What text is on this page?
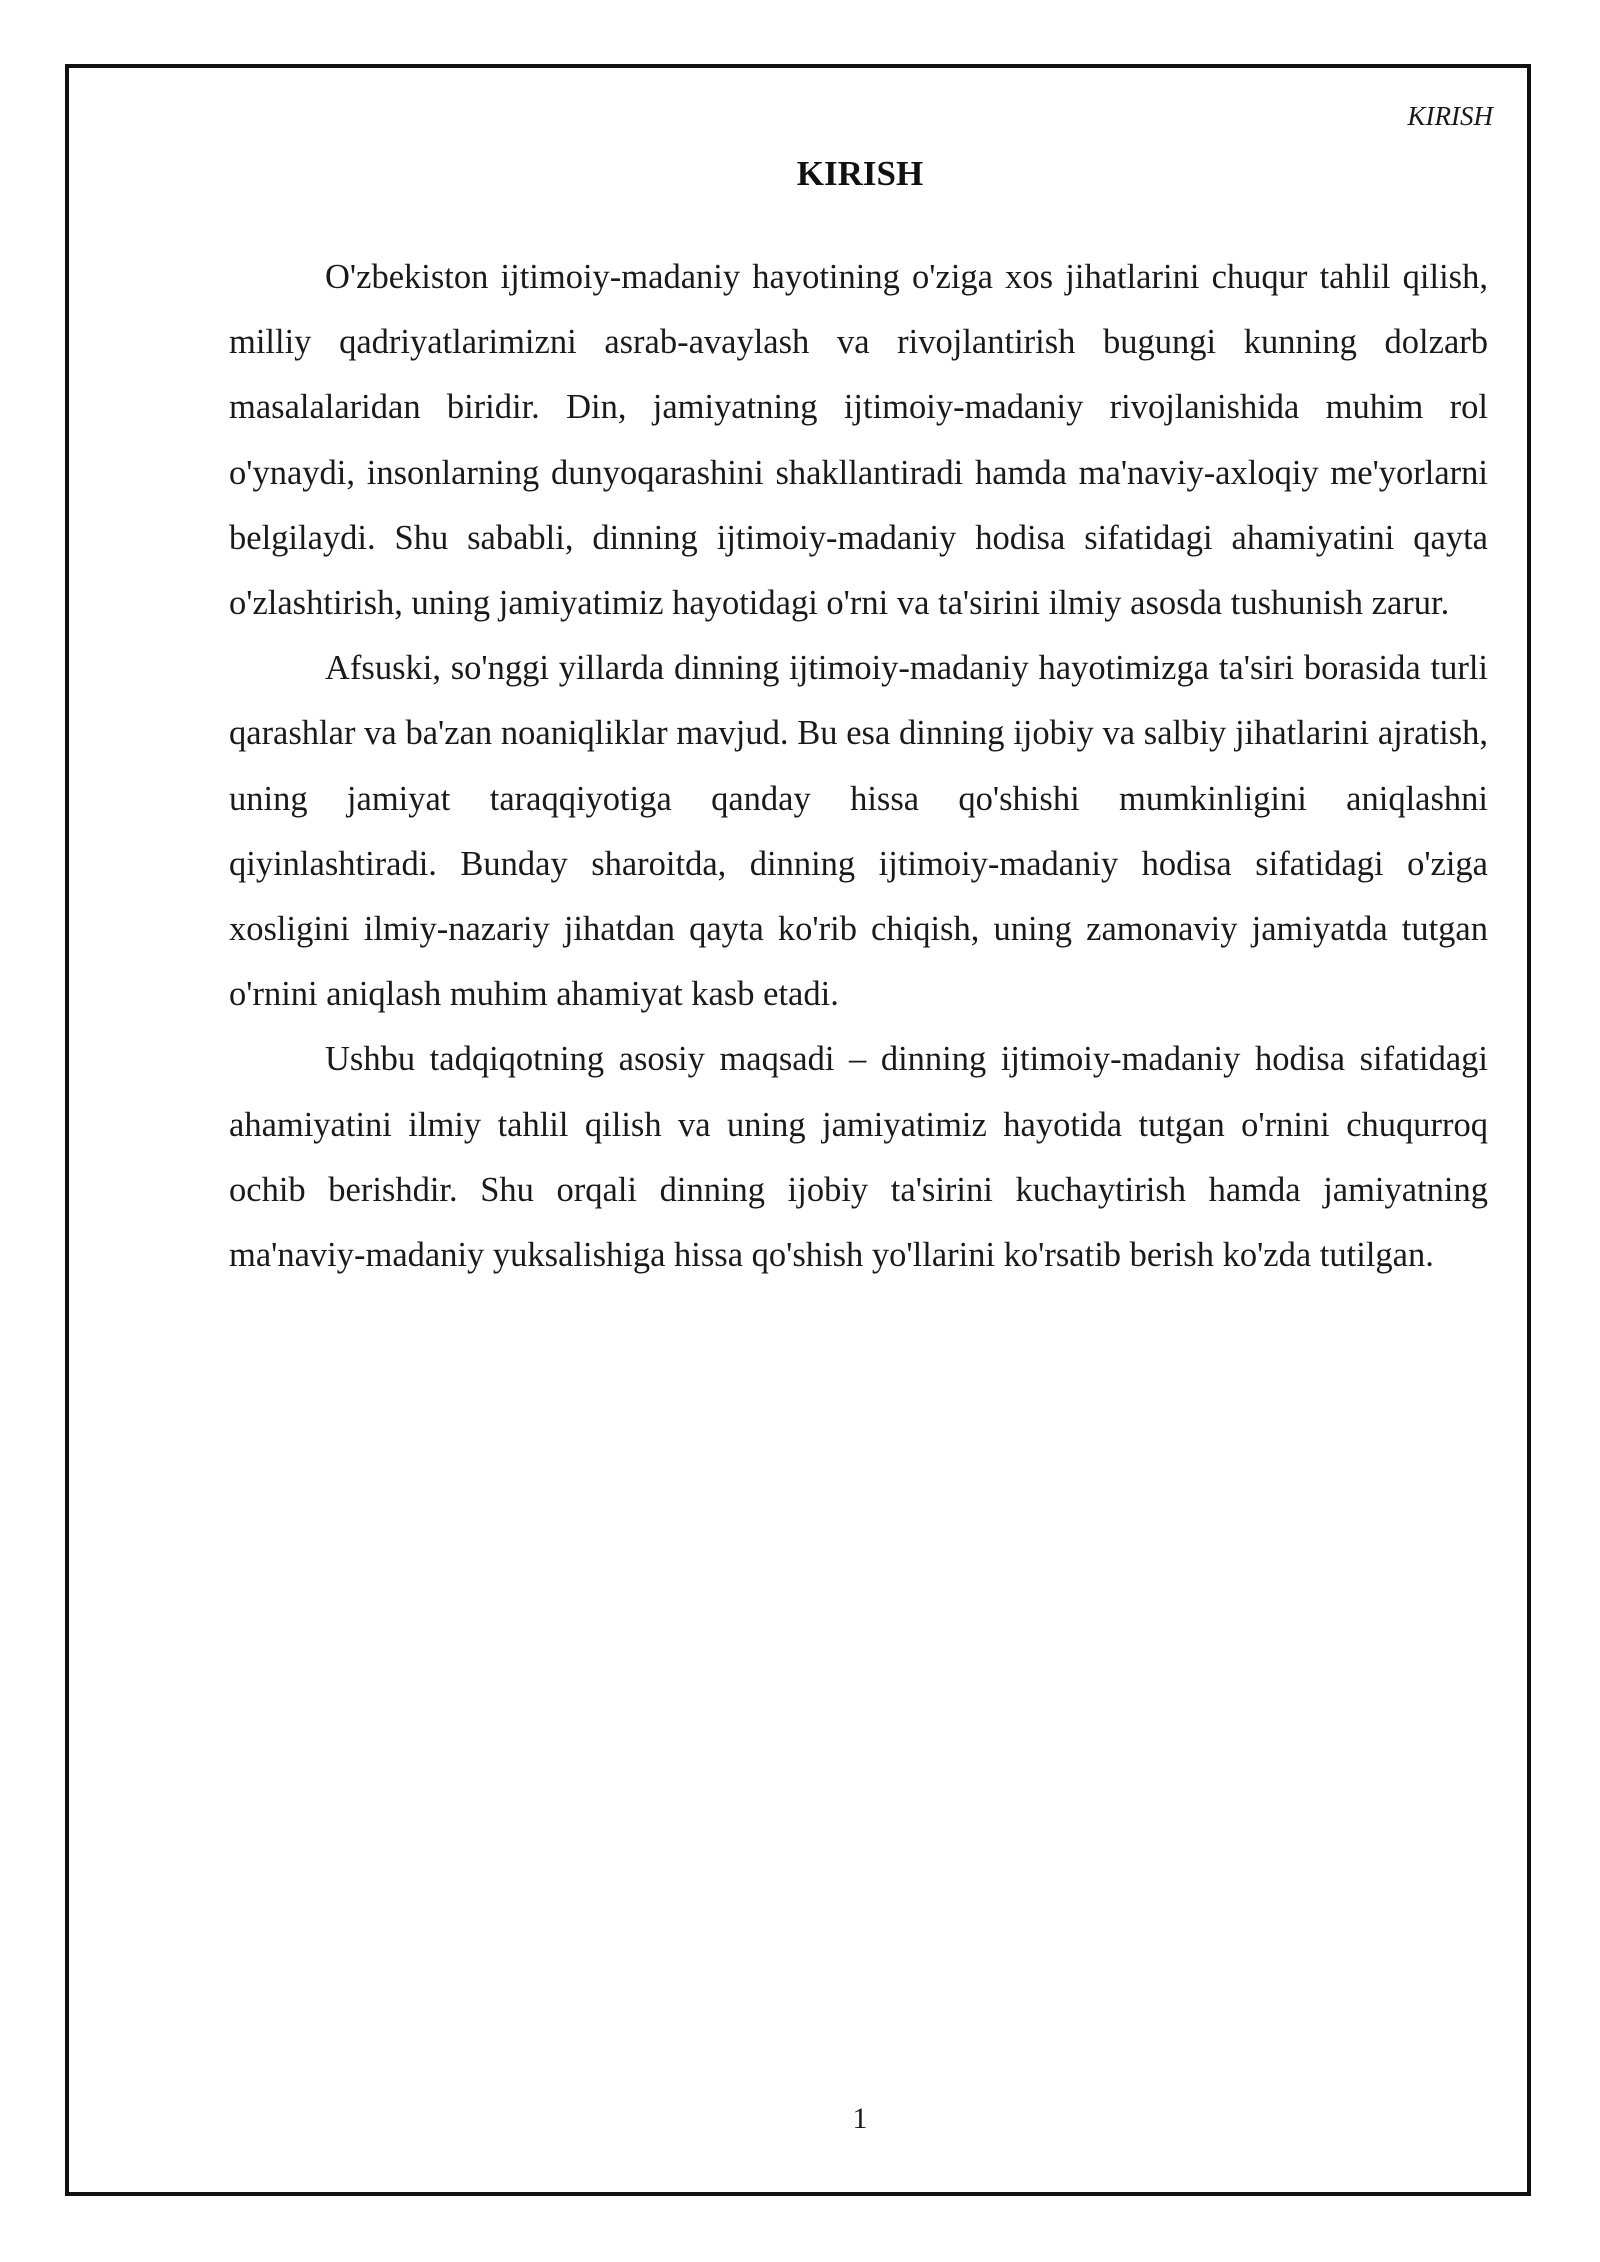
KIRISH
KIRISH

O'zbekiston ijtimoiy-madaniy hayotining o'ziga xos jihatlarini chuqur tahlil qilish, milliy qadriyatlarimizni asrab-avaylash va rivojlantirish bugungi kunning dolzarb masalalaridan biridir. Din, jamiyatning ijtimoiy-madaniy rivojlanishida muhim rol o'ynaydi, insonlarning dunyoqarashini shakllantiradi hamda ma'naviy-axloqiy me'yorlarni belgilaydi. Shu sababli, dinning ijtimoiy-madaniy hodisa sifatidagi ahamiyatini qayta o'zlashtirish, uning jamiyatimiz hayotidagi o'rni va ta'sirini ilmiy asosda tushunish zarur.

Afsuski, so'nggi yillarda dinning ijtimoiy-madaniy hayotimizga ta'siri borasida turli qarashlar va ba'zan noaniqliklar mavjud. Bu esa dinning ijobiy va salbiy jihatlarini ajratish, uning jamiyat taraqqiyotiga qanday hissa qo'shishi mumkinligini aniqlashni qiyinlashtiradi. Bunday sharoitda, dinning ijtimoiy-madaniy hodisa sifatidagi o'ziga xosligini ilmiy-nazariy jihatdan qayta ko'rib chiqish, uning zamonaviy jamiyatda tutgan o'rnini aniqlash muhim ahamiyat kasb etadi.

Ushbu tadqiqotning asosiy maqsadi – dinning ijtimoiy-madaniy hodisa sifatidagi ahamiyatini ilmiy tahlil qilish va uning jamiyatimiz hayotida tutgan o'rnini chuqurroq ochib berishdir. Shu orqali dinning ijobiy ta'sirini kuchaytirish hamda jamiyatning ma'naviy-madaniy yuksalishiga hissa qo'shish yo'llarini ko'rsatib berish ko'zda tutilgan.

1
